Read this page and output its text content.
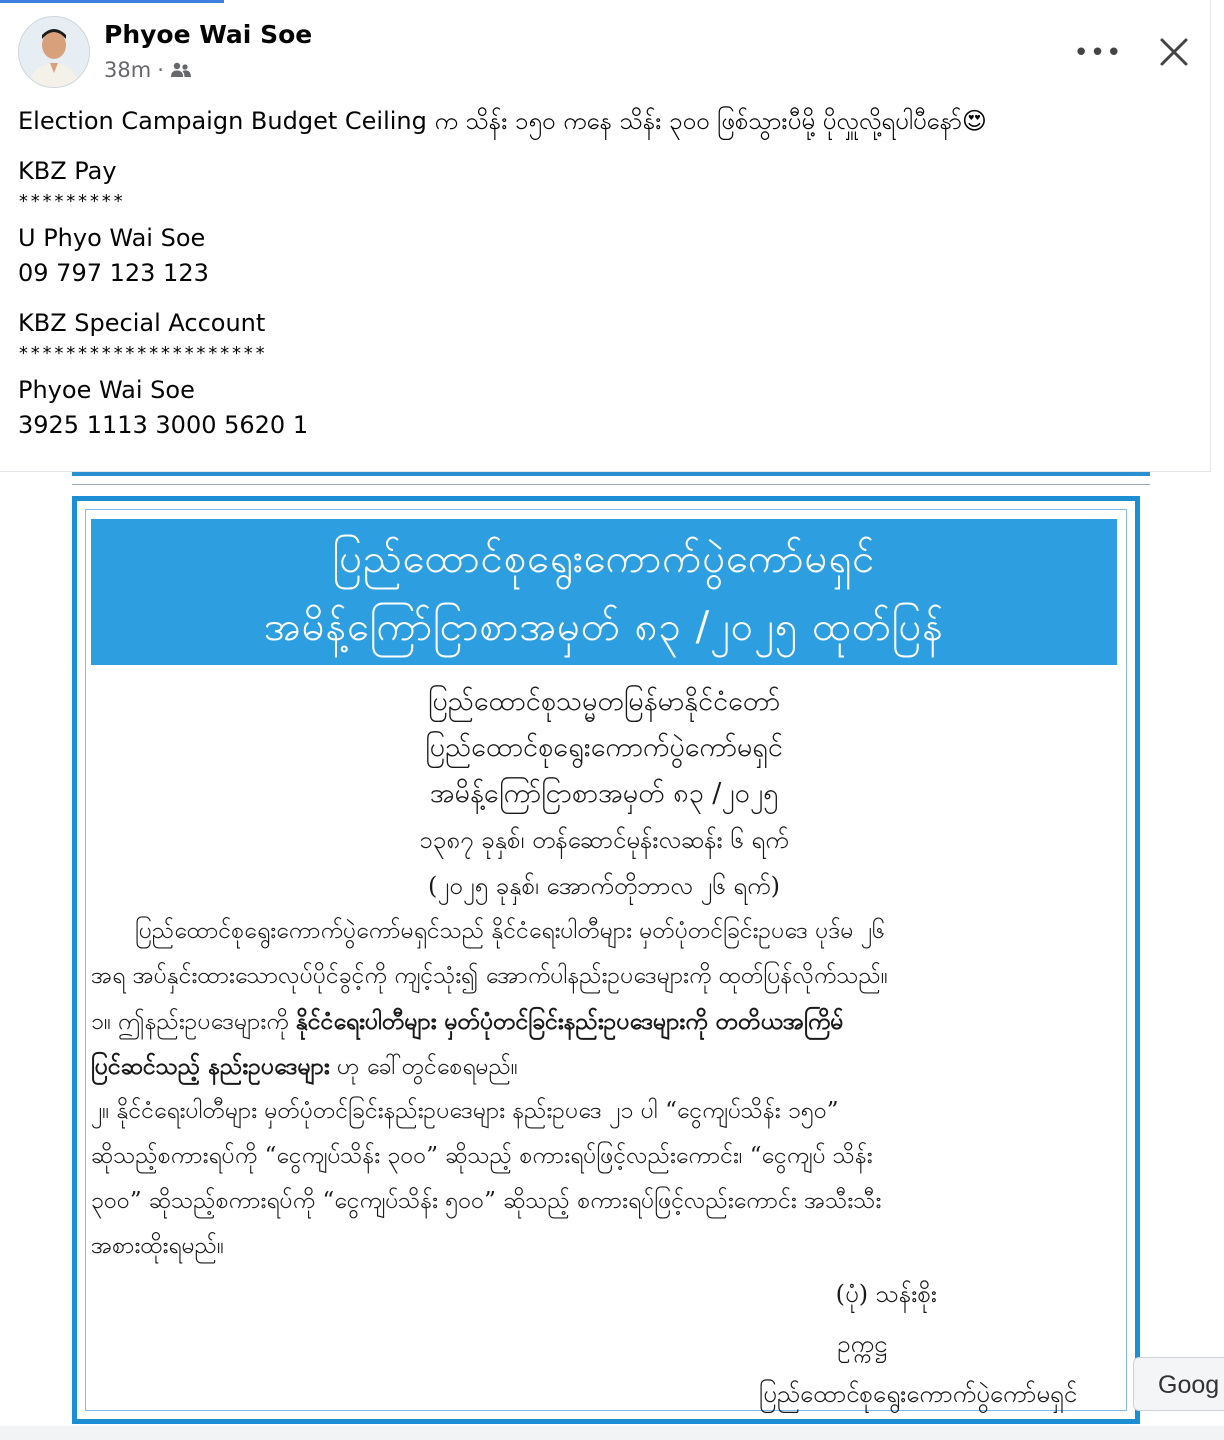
Phyoe Wai Soe
38m ·
•••
Election Campaign Budget Ceiling က သိန်း ၁၅၀ ကနေ သိန်း ၃၀၀ ဖြစ်သွားပီမို့ ပိုလှူလို့ရပါပီနော်😍
KBZ Pay
*********
U Phyo Wai Soe
09 797 123 123
KBZ Special Account
*********************
Phyoe Wai Soe
3925 1113 3000 5620 1
ပြည်ထောင်စုရွေးကောက်ပွဲကော်မရှင်
အမိန့်ကြော်ငြာစာအမှတ် ၈၃ /၂၀၂၅ ထုတ်ပြန်
ပြည်ထောင်စုသမ္မတမြန်မာနိုင်ငံတော်
ပြည်ထောင်စုရွေးကောက်ပွဲကော်မရှင်
အမိန့်ကြော်ငြာစာအမှတ် ၈၃ /၂၀၂၅
၁၃၈၇ ခုနှစ်၊ တန်ဆောင်မုန်းလဆန်း ၆ ရက်
(၂၀၂၅ ခုနှစ်၊ အောက်တိုဘာလ ၂၆ ရက်)
ပြည်ထောင်စုရွေးကောက်ပွဲကော်မရှင်သည် နိုင်ငံရေးပါတီများ မှတ်ပုံတင်ခြင်းဥပဒေ ပုဒ်မ ၂၆
အရ အပ်နှင်းထားသောလုပ်ပိုင်ခွင့်ကို ကျင့်သုံး၍ အောက်ပါနည်းဥပဒေများကို ထုတ်ပြန်လိုက်သည်။
၁။ ဤနည်းဥပဒေများကို နိုင်ငံရေးပါတီများ မှတ်ပုံတင်ခြင်းနည်းဥပဒေများကို တတိယအကြိမ်
ပြင်ဆင်သည့် နည်းဥပဒေများ ဟု ခေါ်တွင်စေရမည်။
၂။ နိုင်ငံရေးပါတီများ မှတ်ပုံတင်ခြင်းနည်းဥပဒေများ နည်းဥပဒေ ၂၁ ပါ “ငွေကျပ်သိန်း ၁၅၀”
ဆိုသည့်စကားရပ်ကို “ငွေကျပ်သိန်း ၃၀၀” ဆိုသည့် စကားရပ်ဖြင့်လည်းကောင်း၊ “ငွေကျပ် သိန်း
၃၀၀” ဆိုသည့်စကားရပ်ကို “ငွေကျပ်သိန်း ၅၀၀” ဆိုသည့် စကားရပ်ဖြင့်လည်းကောင်း အသီးသီး
အစားထိုးရမည်။
(ပုံ) သန်းစိုး
ဥက္ကဋ္ဌ
ပြည်ထောင်စုရွေးကောက်ပွဲကော်မရှင်	Goog
